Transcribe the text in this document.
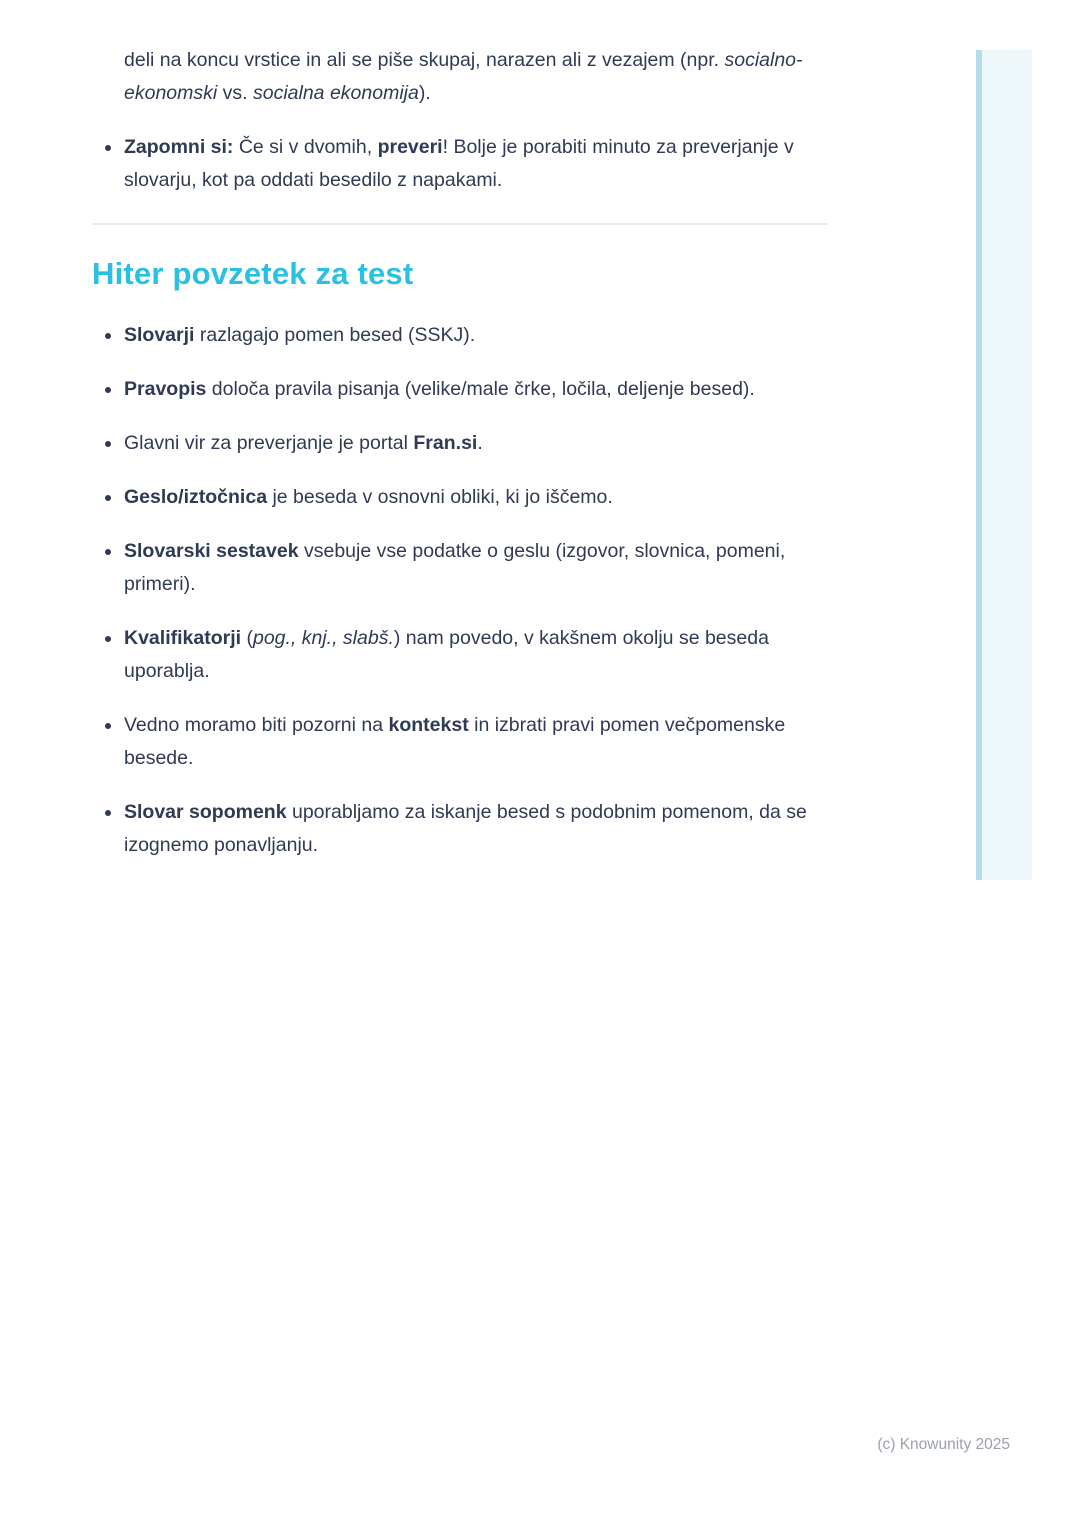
deli na koncu vrstice in ali se piše skupaj, narazen ali z vezajem (npr. socialno-ekonomski vs. socialna ekonomija).
Zapomni si: Če si v dvomih, preveri! Bolje je porabiti minuto za preverjanje v slovarju, kot pa oddati besedilo z napakami.
Hiter povzetek za test
Slovarji razlagajo pomen besed (SSKJ).
Pravopis določa pravila pisanja (velike/male črke, ločila, deljenje besed).
Glavni vir za preverjanje je portal Fran.si.
Geslo/iztočnica je beseda v osnovni obliki, ki jo iščemo.
Slovarski sestavek vsebuje vse podatke o geslu (izgovor, slovnica, pomeni, primeri).
Kvalifikatorji (pog., knj., slabš.) nam povedo, v kakšnem okolju se beseda uporablja.
Vedno moramo biti pozorni na kontekst in izbrati pravi pomen večpomenske besede.
Slovar sopomenk uporabljamo za iskanje besed s podobnim pomenom, da se izognemo ponavljanju.
(c) Knowunity 2025
